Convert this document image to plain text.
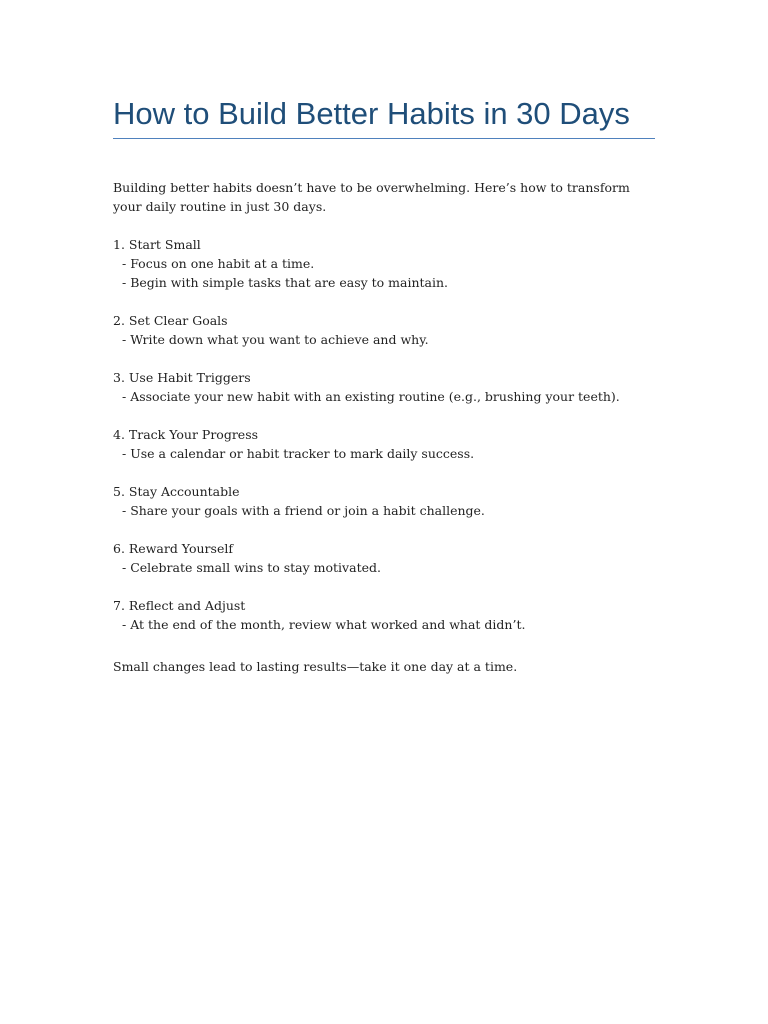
How to Build Better Habits in 30 Days

Building better habits doesn’t have to be overwhelming. Here’s how to transform your daily routine in just 30 days.

1. Start Small
- Focus on one habit at a time.
- Begin with simple tasks that are easy to maintain.
2. Set Clear Goals
- Write down what you want to achieve and why.
3. Use Habit Triggers
- Associate your new habit with an existing routine (e.g., brushing your teeth).
4. Track Your Progress
- Use a calendar or habit tracker to mark daily success.
5. Stay Accountable
- Share your goals with a friend or join a habit challenge.
6. Reward Yourself
- Celebrate small wins to stay motivated.
7. Reflect and Adjust
- At the end of the month, review what worked and what didn’t.

Small changes lead to lasting results—take it one day at a time.
